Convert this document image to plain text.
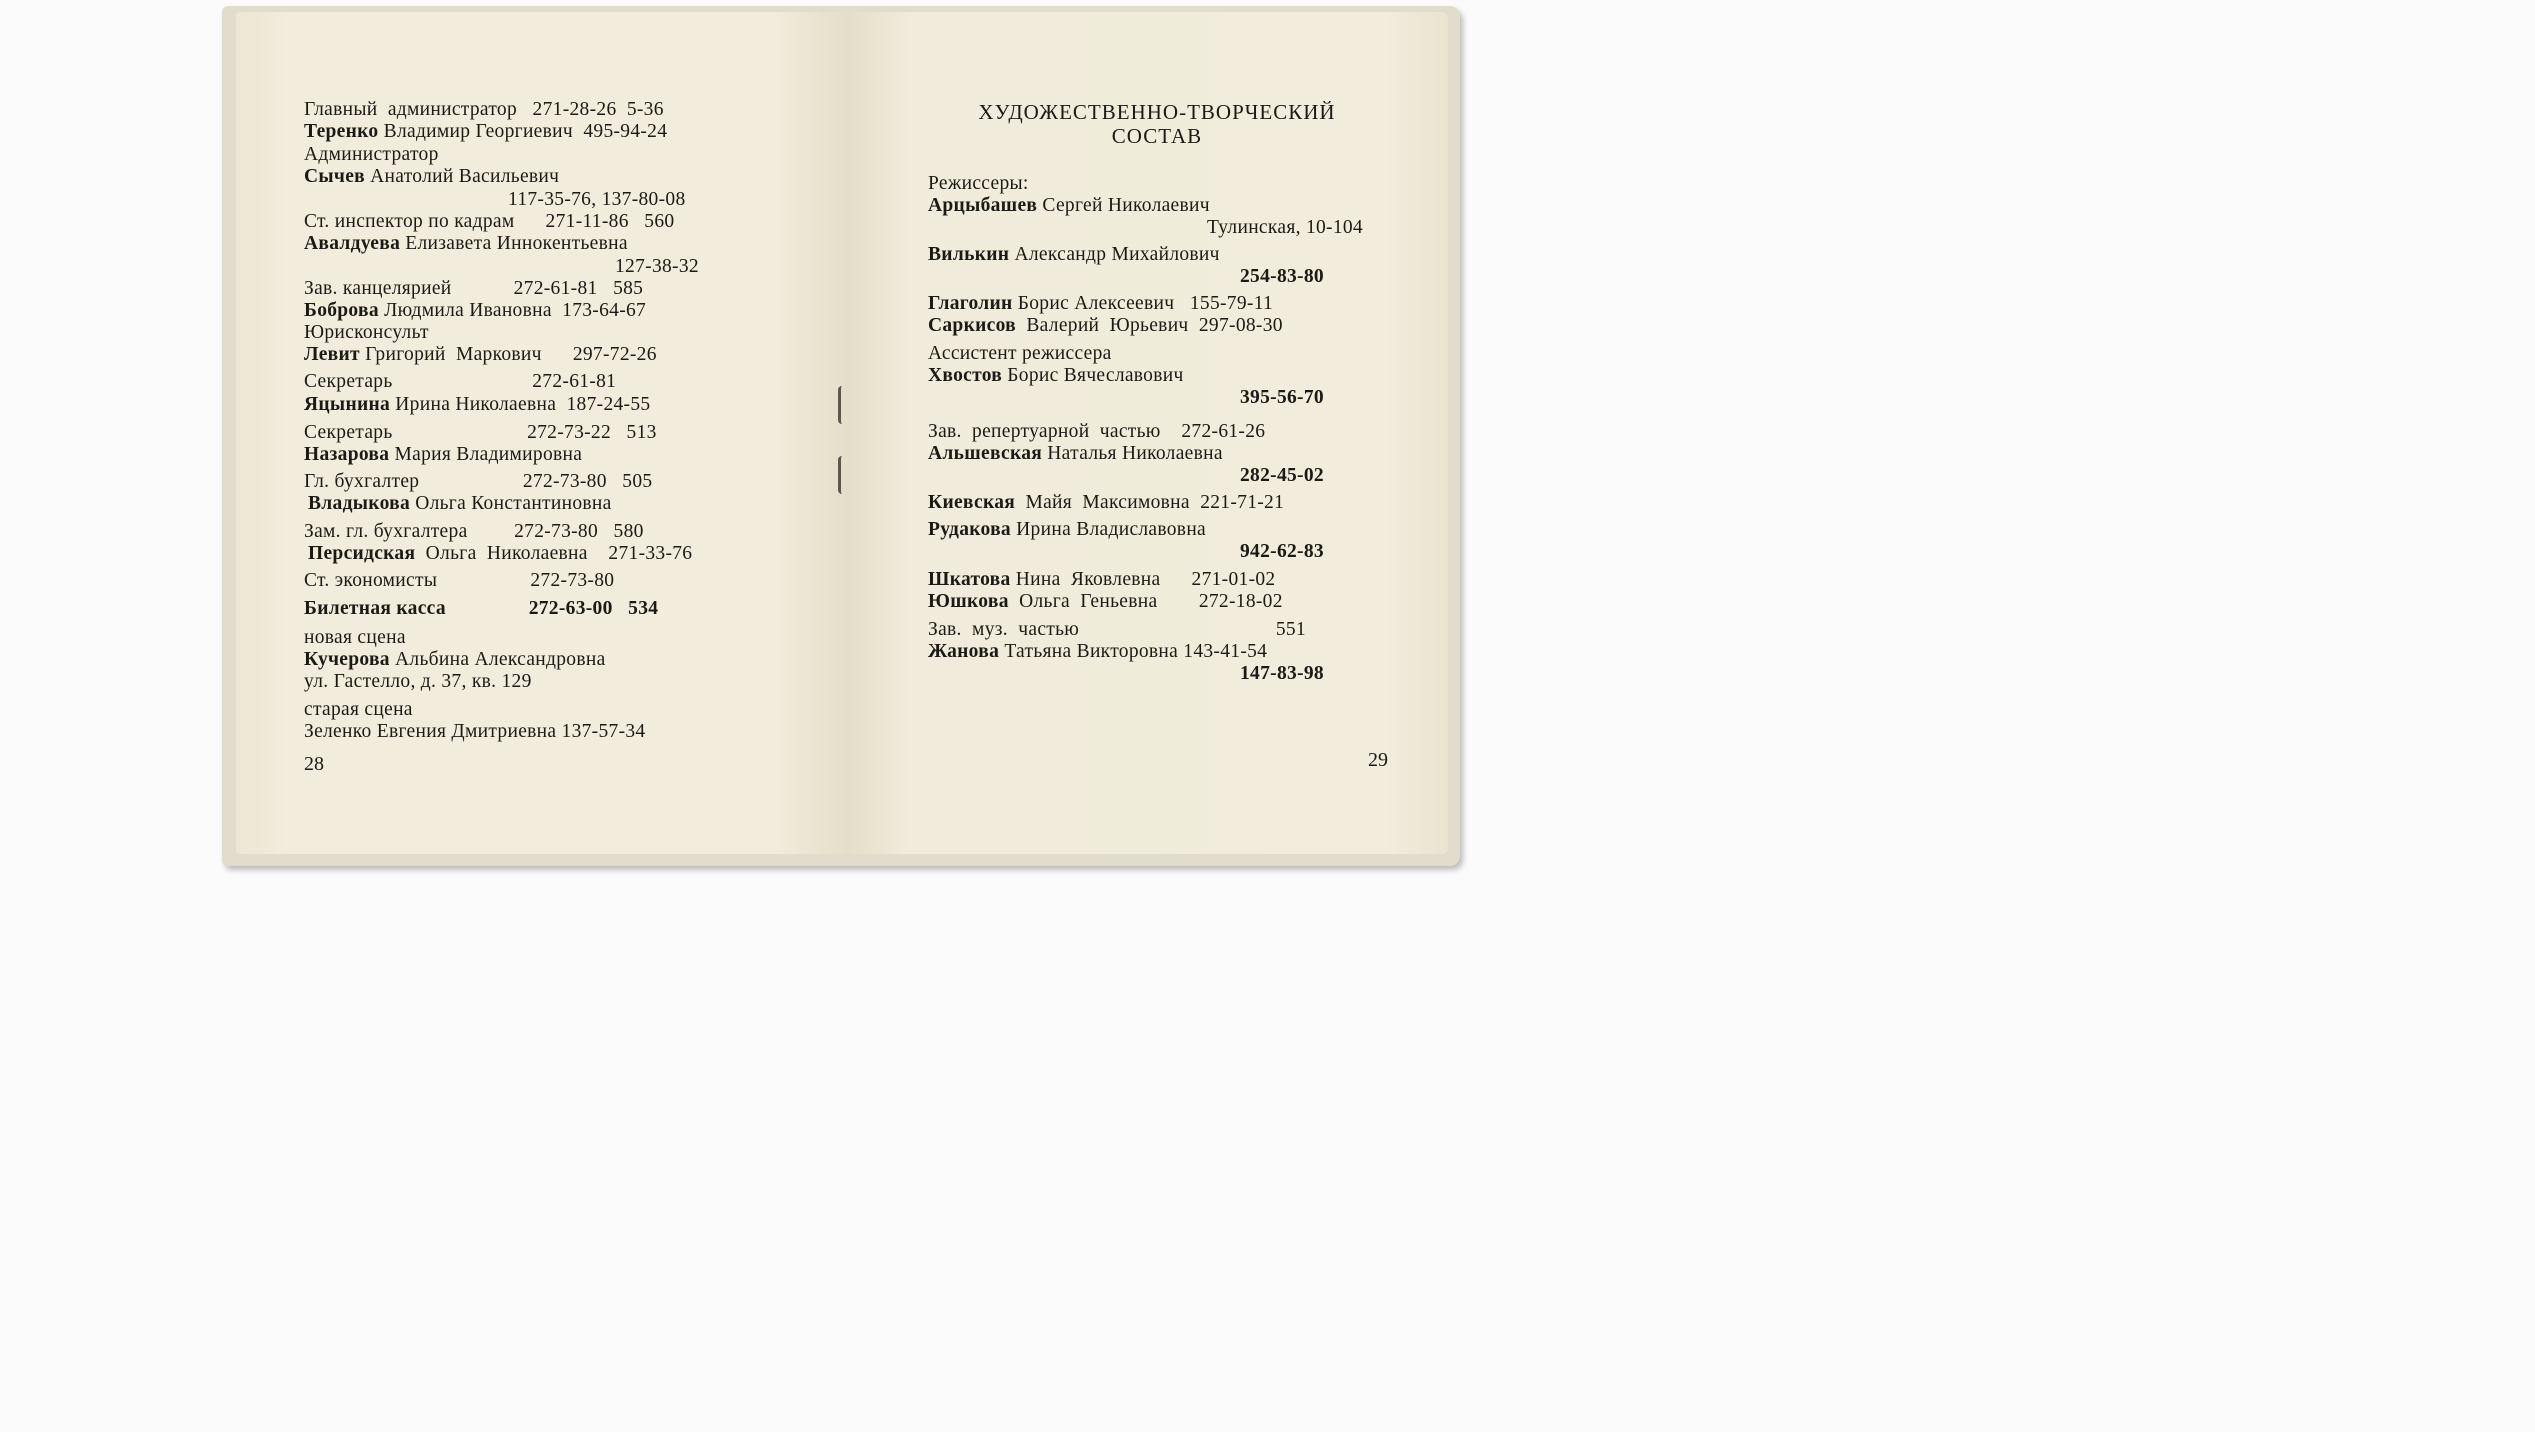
Главный  администратор   271-28-26  5-36
Теренко Владимир Георгиевич  495-94-24
Администратор
Сычев Анатолий Васильевич
117-35-76, 137-80-08
Ст. инспектор по кадрам      271-11-86   560
Авалдуева Елизавета Иннокентьевна
127-38-32
Зав. канцелярией            272-61-81   585
Боброва Людмила Ивановна  173-64-67
Юрисконсульт
Левит Григорий  Маркович      297-72-26
Секретарь                           272-61-81
Яцынина Ирина Николаевна  187-24-55
Секретарь                          272-73-22   513
Назарова Мария Владимировна
Гл. бухгалтер                    272-73-80   505
Владыкова Ольга Константиновна
Зам. гл. бухгалтера         272-73-80   580
Персидская  Ольга  Николаевна    271-33-76
Ст. экономисты                  272-73-80
Билетная касса                272-63-00   534
новая сцена
Кучерова Альбина Александровна
ул. Гастелло, д. 37, кв. 129
старая сцена
Зеленко Евгения Дмитриевна 137-57-34
28
ХУДОЖЕСТВЕННО-ТВОРЧЕСКИЙ
СОСТАВ
Режиссеры:
Арцыбашев Сергей Николаевич
Тулинская, 10-104
Вилькин Александр Михайлович
254-83-80
Глаголин Борис Алексеевич   155-79-11
Саркисов  Валерий  Юрьевич  297-08-30
Ассистент режиссера
Хвостов Борис Вячеславович
395-56-70
Зав.  репертуарной  частью    272-61-26
Альшевская Наталья Николаевна
282-45-02
Киевская  Майя  Максимовна  221-71-21
Рудакова Ирина Владиславовна
942-62-83
Шкатова Нина  Яковлевна      271-01-02
Юшкова  Ольга  Геньевна        272-18-02
Зав.  муз.  частью                                      551
Жанова Татьяна Викторовна 143-41-54
147-83-98
29
